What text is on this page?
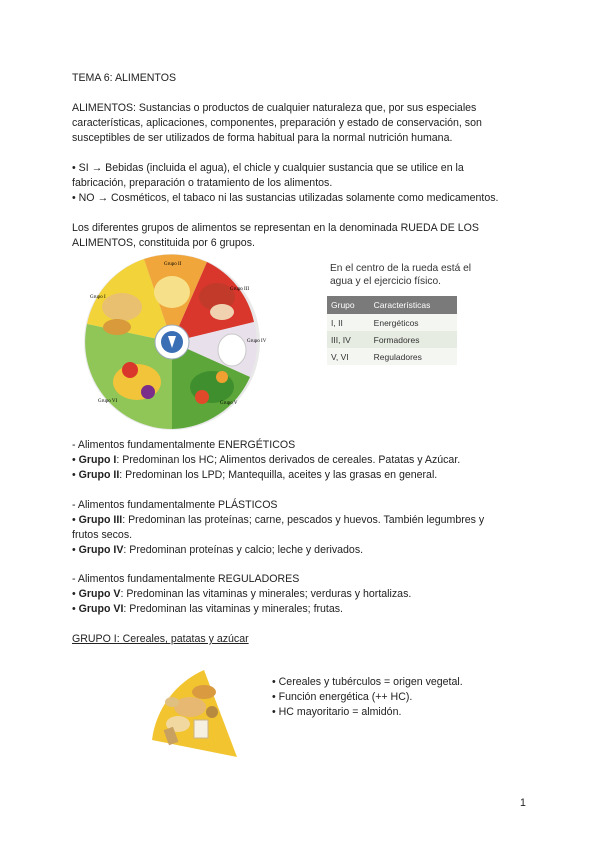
TEMA 6: ALIMENTOS
ALIMENTOS: Sustancias o productos de cualquier naturaleza que, por sus especiales
características, aplicaciones, componentes, preparación y estado de conservación, son
susceptibles de ser utilizados de forma habitual para la normal nutrición humana.
• SI → Bebidas (incluida el agua), el chicle y cualquier sustancia que se utilice en la
fabricación, preparación o tratamiento de los alimentos.
• NO → Cosméticos, el tabaco ni las sustancias utilizadas solamente como medicamentos.
Los diferentes grupos de alimentos se representan en la denominada RUEDA DE LOS
ALIMENTOS, constituida por 6 grupos.
Grupo II
Grupo I
Grupo III
Grupo IV
Grupo V
Grupo VI
En el centro de la rueda está el
agua y el ejercicio físico.
Grupo	Características
I, II	Energéticos
III, IV	Formadores
V, VI	Reguladores
- Alimentos fundamentalmente ENERGÉTICOS
• Grupo I: Predominan los HC; Alimentos derivados de cereales. Patatas y Azúcar.
• Grupo II: Predominan los LPD; Mantequilla, aceites y las grasas en general.
- Alimentos fundamentalmente PLÁSTICOS
• Grupo III: Predominan las proteínas; carne, pescados y huevos. También legumbres y
frutos secos.
• Grupo IV: Predominan proteínas y calcio; leche y derivados.
- Alimentos fundamentalmente REGULADORES
• Grupo V: Predominan las vitaminas y minerales; verduras y hortalizas.
• Grupo VI: Predominan las vitaminas y minerales; frutas.
GRUPO I: Cereales, patatas y azúcar
• Cereales y tubérculos = origen vegetal.
• Función energética (++ HC).
• HC mayoritario = almidón.
1
